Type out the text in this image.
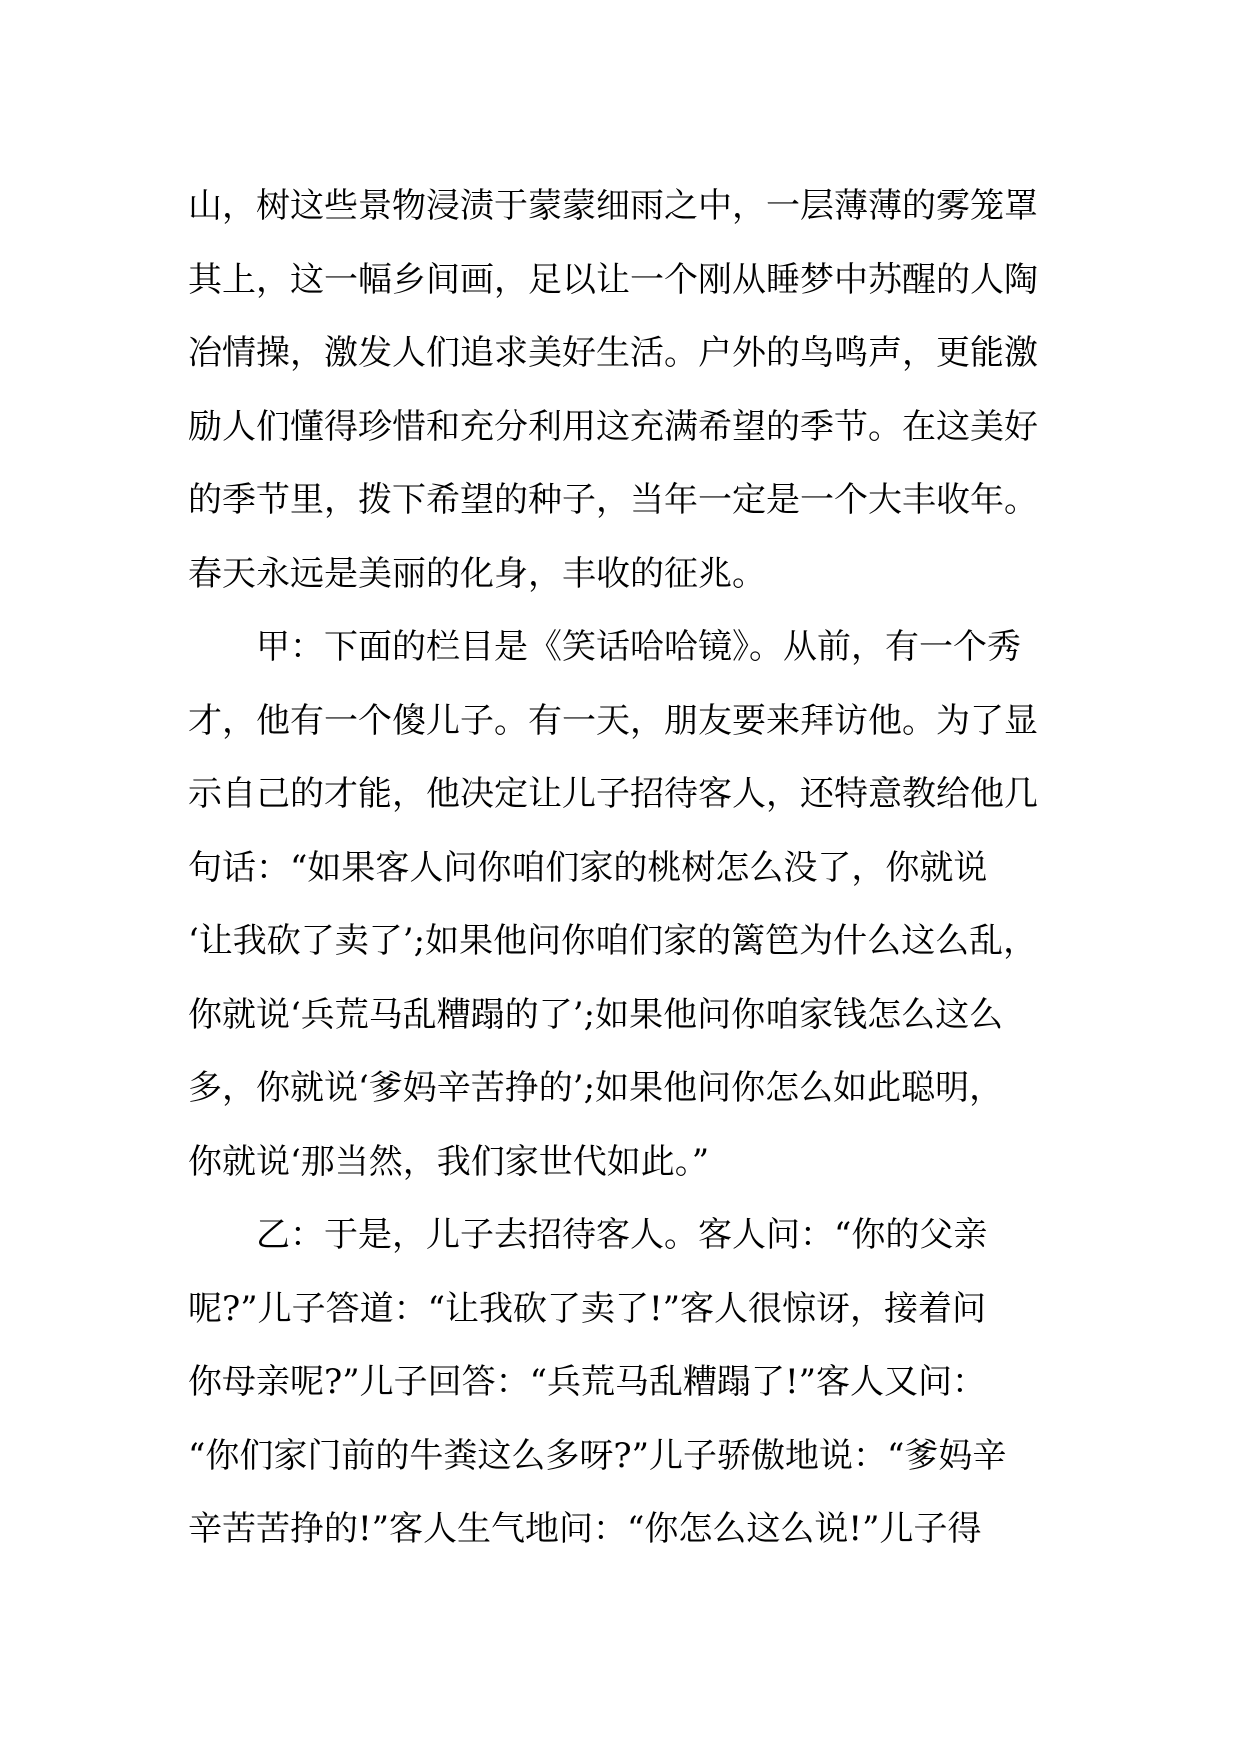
山，树这些景物浸渍于蒙蒙细雨之中，一层薄薄的雾笼罩
其上，这一幅乡间画，足以让一个刚从睡梦中苏醒的人陶
冶情操，激发人们追求美好生活。户外的鸟鸣声，更能激
励人们懂得珍惜和充分利用这充满希望的季节。在这美好
的季节里，拨下希望的种子，当年一定是一个大丰收年。
春天永远是美丽的化身，丰收的征兆。
甲：下面的栏目是《笑话哈哈镜》。从前，有一个秀
才，他有一个傻儿子。有一天，朋友要来拜访他。为了显
示自己的才能，他决定让儿子招待客人，还特意教给他几
句话：“如果客人问你咱们家的桃树怎么没了，你就说
‘让我砍了卖了’;如果他问你咱们家的篱笆为什么这么乱，
你就说‘兵荒马乱糟蹋的了’;如果他问你咱家钱怎么这么
多，你就说‘爹妈辛苦挣的’;如果他问你怎么如此聪明，
你就说‘那当然，我们家世代如此。”
乙：于是，儿子去招待客人。客人问：“你的父亲
呢?”儿子答道：“让我砍了卖了!”客人很惊讶，接着问
你母亲呢?”儿子回答：“兵荒马乱糟蹋了!”客人又问：
“你们家门前的牛粪这么多呀?”儿子骄傲地说：“爹妈辛
辛苦苦挣的!”客人生气地问：“你怎么这么说!”儿子得
